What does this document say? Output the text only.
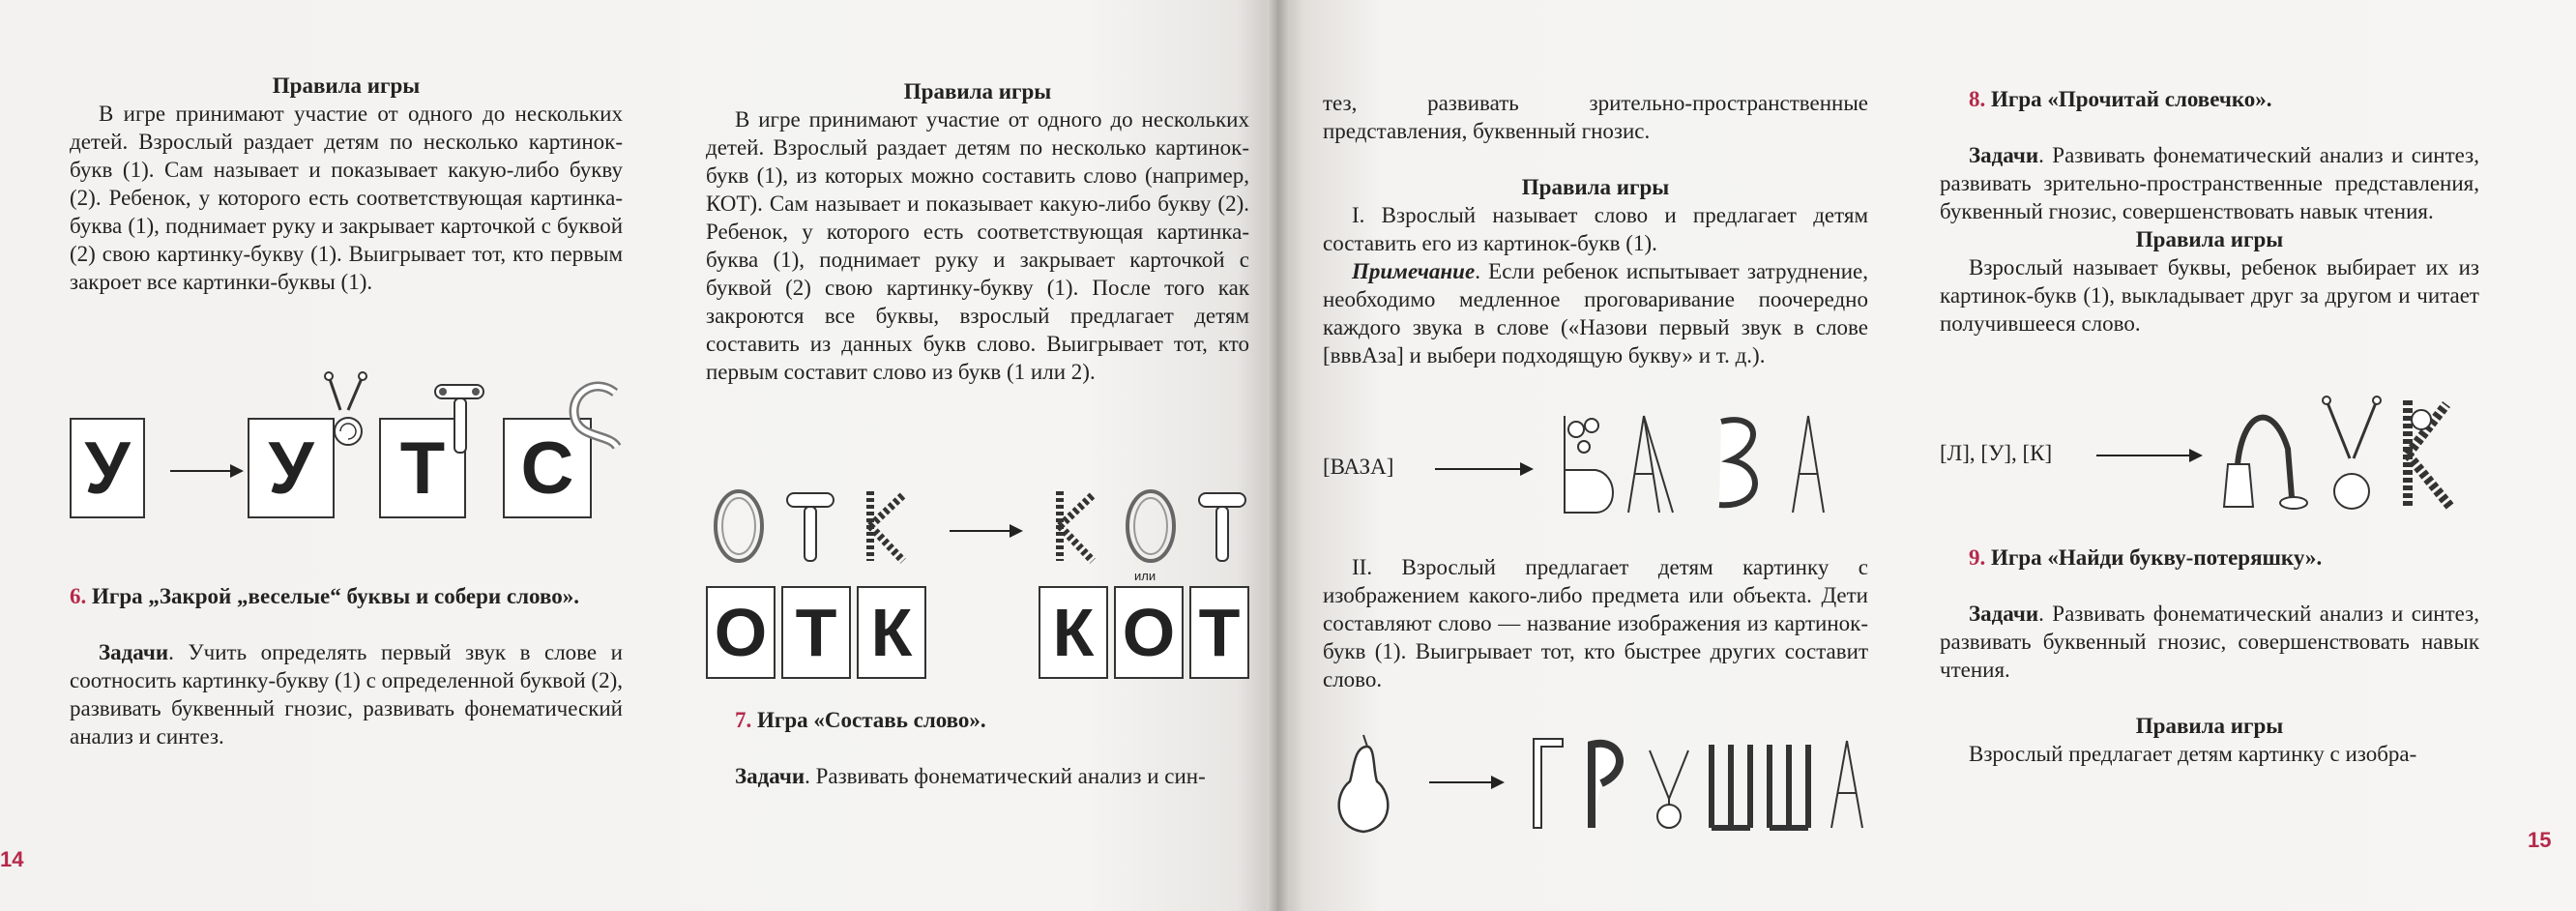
Правила игры

В игре принимают участие от одного до нескольких детей. Взрослый раздает детям по несколько картинок-букв (1). Сам называет и показывает какую-либо букву (2). Ребенок, у которого есть соответствующая картинка-буква (1), поднимает руку и закрывает карточкой с буквой (2) свою картинку-букву (1). Выигрывает тот, кто первым закроет все картинки-буквы (1).

У У Т С

6. Игра „Закрой „веселые“ буквы и собери слово».

Задачи. Учить определять первый звук в слове и соотносить картинку-букву (1) с определенной буквой (2), развивать буквенный гнозис, развивать фонематический анализ и синтез.

14

Правила игры

В игре принимают участие от одного до нескольких детей. Взрослый раздает детям по несколько картинок-букв (1), из которых можно составить слово (например, КОТ). Сам называет и показывает какую-либо букву (2). Ребенок, у которого есть соответствующая картинка-буква (1), поднимает руку и закрывает карточкой с буквой (2) свою картинку-букву (1). После того как закроются все буквы, взрослый предлагает детям составить из данных букв слово. Выигрывает тот, кто первым составит слово из букв (1 или 2).

О Т К К О Т
или

7. Игра «Составь слово».

Задачи. Развивать фонематический анализ и син-

тез, развивать зрительно-пространственные представления, буквенный гнозис.

Правила игры

I. Взрослый называет слово и предлагает детям составить его из картинок-букв (1).

Примечание. Если ребенок испытывает затруднение, необходимо медленное проговаривание поочередно каждого звука в слове («Назови первый звук в слове [вввАза] и выбери подходящую букву» и т. д.).

[ВАЗА]

II. Взрослый предлагает детям картинку с изображением какого-либо предмета или объекта. Дети составляют слово — название изображения из картинок-букв (1). Выигрывает тот, кто быстрее других составит слово.

8. Игра «Прочитай словечко».

Задачи. Развивать фонематический анализ и синтез, развивать зрительно-пространственные представления, буквенный гнозис, совершенствовать навык чтения.

Правила игры

Взрослый называет буквы, ребенок выбирает их из картинок-букв (1), выкладывает друг за другом и читает получившееся слово.

[Л], [У], [К]

9. Игра «Найди букву-потеряшку».

Задачи. Развивать фонематический анализ и синтез, развивать буквенный гнозис, совершенствовать навык чтения.

Правила игры

Взрослый предлагает детям картинку с изобра-

15
